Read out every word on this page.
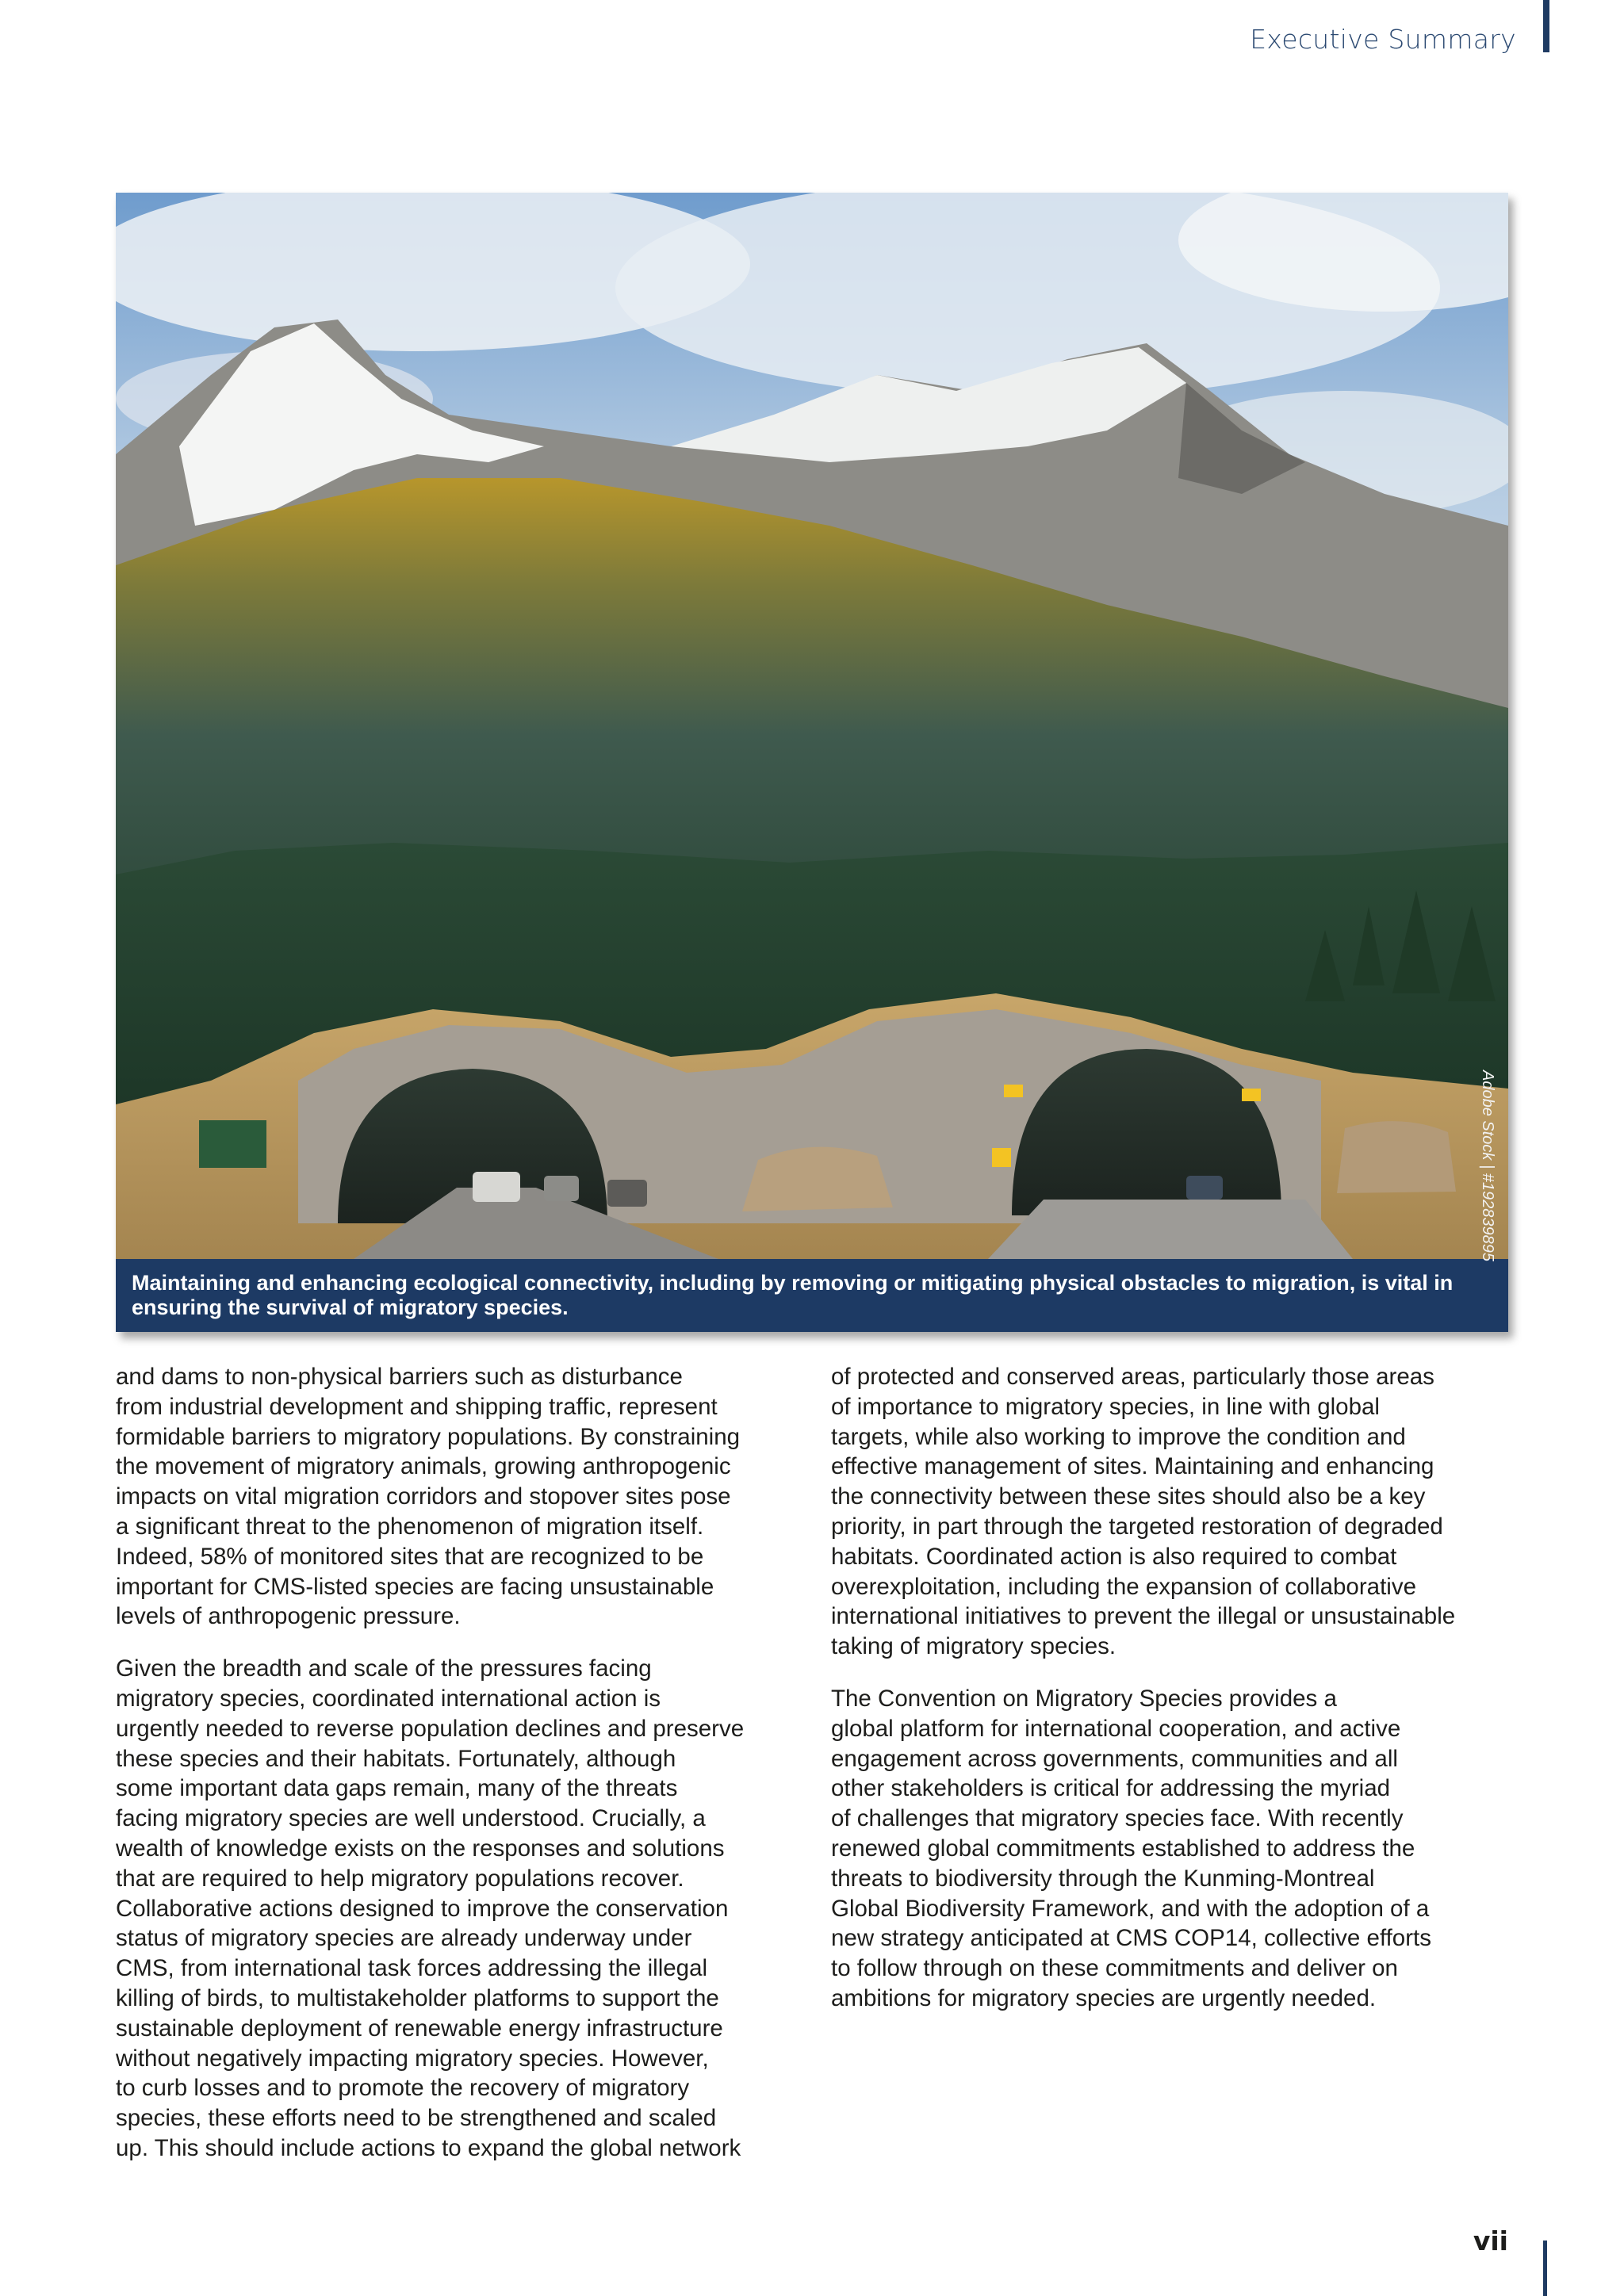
Executive Summary
Maintaining and enhancing ecological connectivity, including by removing or mitigating physical obstacles to migration, is vital in ensuring the survival of migratory species.
Adobe Stock | #192839895

and dams to non-physical barriers such as disturbance
from industrial development and shipping traffic, represent
formidable barriers to migratory populations. By constraining
the movement of migratory animals, growing anthropogenic
impacts on vital migration corridors and stopover sites pose
a significant threat to the phenomenon of migration itself.
Indeed, 58% of monitored sites that are recognized to be
important for CMS-listed species are facing unsustainable
levels of anthropogenic pressure.

Given the breadth and scale of the pressures facing
migratory species, coordinated international action is
urgently needed to reverse population declines and preserve
these species and their habitats. Fortunately, although
some important data gaps remain, many of the threats
facing migratory species are well understood. Crucially, a
wealth of knowledge exists on the responses and solutions
that are required to help migratory populations recover.
Collaborative actions designed to improve the conservation
status of migratory species are already underway under
CMS, from international task forces addressing the illegal
killing of birds, to multistakeholder platforms to support the
sustainable deployment of renewable energy infrastructure
without negatively impacting migratory species. However,
to curb losses and to promote the recovery of migratory
species, these efforts need to be strengthened and scaled
up. This should include actions to expand the global network

of protected and conserved areas, particularly those areas
of importance to migratory species, in line with global
targets, while also working to improve the condition and
effective management of sites. Maintaining and enhancing
the connectivity between these sites should also be a key
priority, in part through the targeted restoration of degraded
habitats. Coordinated action is also required to combat
overexploitation, including the expansion of collaborative
international initiatives to prevent the illegal or unsustainable
taking of migratory species.

The Convention on Migratory Species provides a
global platform for international cooperation, and active
engagement across governments, communities and all
other stakeholders is critical for addressing the myriad
of challenges that migratory species face. With recently
renewed global commitments established to address the
threats to biodiversity through the Kunming-Montreal
Global Biodiversity Framework, and with the adoption of a
new strategy anticipated at CMS COP14, collective efforts
to follow through on these commitments and deliver on
ambitions for migratory species are urgently needed.

vii
